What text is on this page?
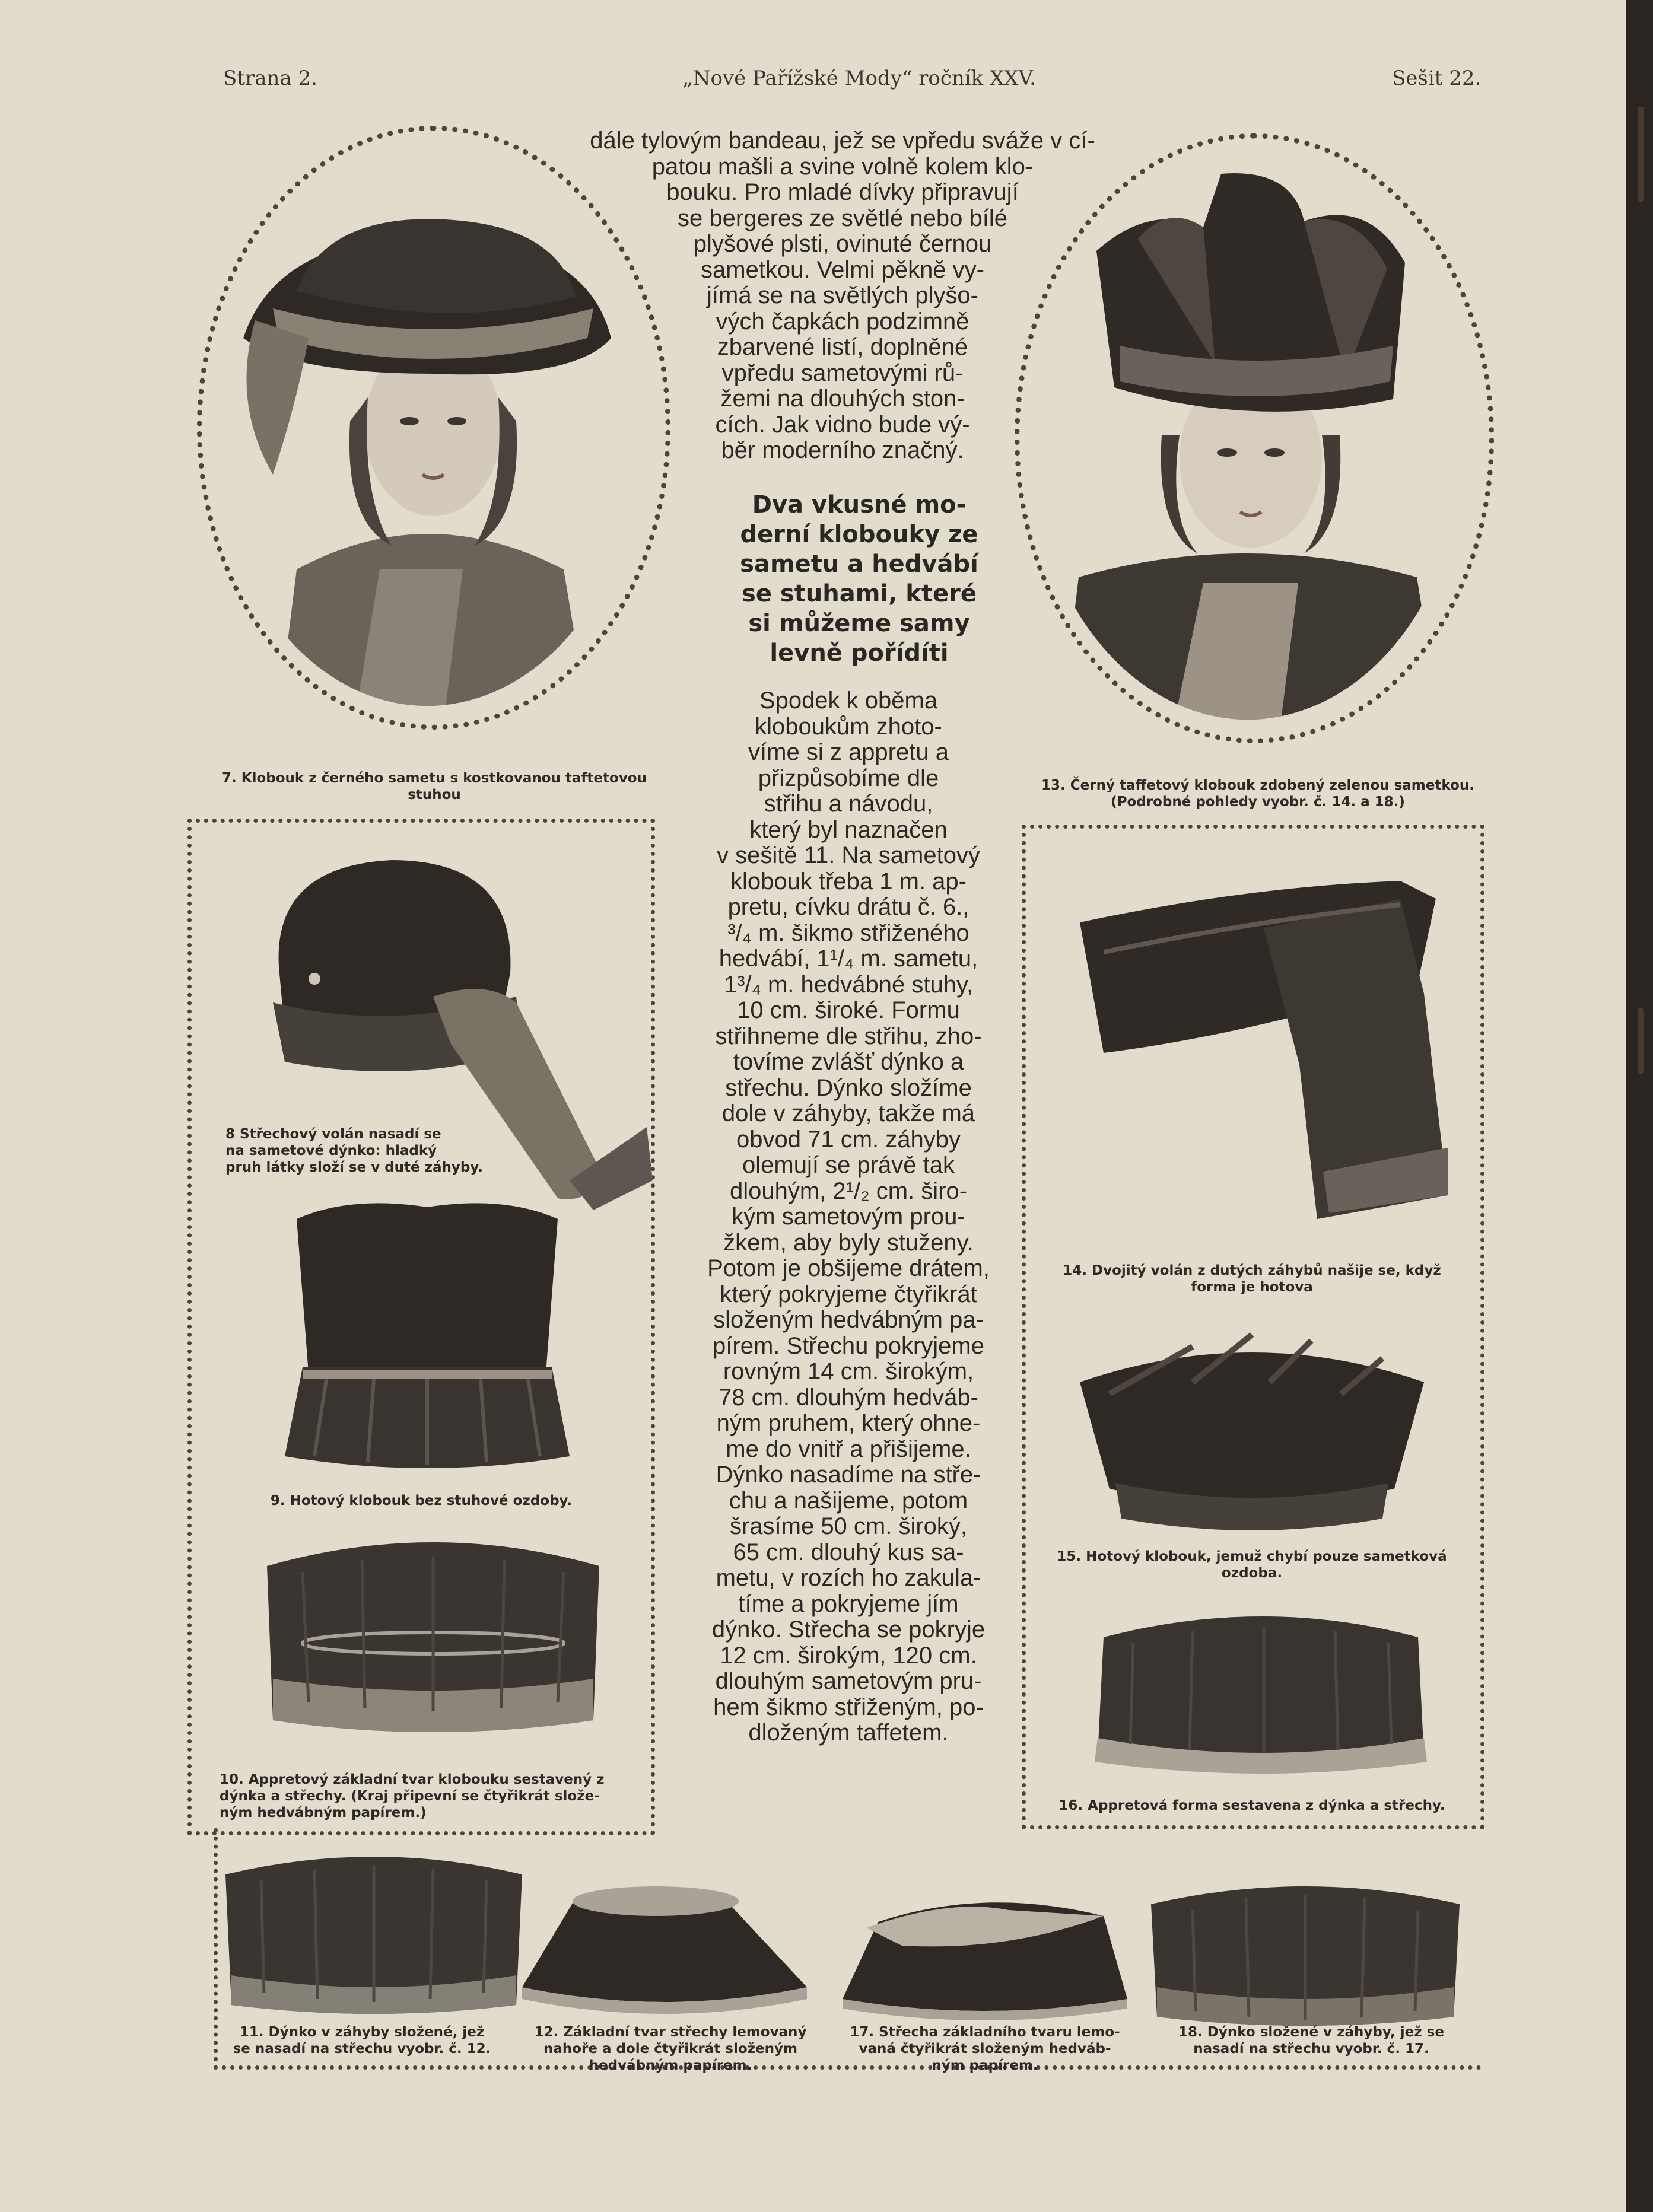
Strana 2.	„Nové Pařížské Mody“ ročník XXV.	Sešit 22.
7. Klobouk z černého sametu s kostkovanou taftetovou
stuhou
13. Černý taffetový klobouk zdobený zelenou sametkou.
(Podrobné pohledy vyobr. č. 14. a 18.)
dále tylovým bandeau, jež se vpředu sváže v cí-
patou mašli a svine volně kolem klo-
bouku. Pro mladé dívky připravují
se bergeres ze světlé nebo bílé
plyšové plsti, ovinuté černou
sametkou. Velmi pěkně vy-
jímá se na světlých plyšo-
vých čapkách podzimně
zbarvené listí, doplněné
vpředu sametovými rů-
žemi na dlouhých ston-
cích. Jak vidno bude vý-
běr moderního značný.
Dva vkusné mo-
derní klobouky ze
sametu a hedvábí
se stuhami, které
si můžeme samy
levně pořídíti
Spodek k oběma
kloboukům zhoto-
víme si z appretu a
přizpůsobíme dle
střihu a návodu,
který byl naznačen
v sešitě 11. Na sametový
klobouk třeba 1 m. ap-
pretu, cívku drátu č. 6.,
³/₄ m. šikmo střiženého
hedvábí, 1¹/₄ m. sametu,
1³/₄ m. hedvábné stuhy,
10 cm. široké. Formu
střihneme dle střihu, zho-
tovíme zvlášť dýnko a
střechu. Dýnko složíme
dole v záhyby, takže má
obvod 71 cm. záhyby
olemují se právě tak
dlouhým, 2¹/₂ cm. širo-
kým sametovým prou-
žkem, aby byly stuženy.
Potom je obšijeme drátem,
který pokryjeme čtyřikrát
složeným hedvábným pa-
pírem. Střechu pokryjeme
rovným 14 cm. širokým,
78 cm. dlouhým hedváb-
ným pruhem, který ohne-
me do vnitř a přišijeme.
Dýnko nasadíme na stře-
chu a našijeme, potom
šrasíme 50 cm. široký,
65 cm. dlouhý kus sa-
metu, v rozích ho zakula-
tíme a pokryjeme jím
dýnko. Střecha se pokryje
12 cm. širokým, 120 cm.
dlouhým sametovým pru-
hem šikmo střiženým, po-
dloženým taffetem.
8 Střechový volán nasadí se
na sametové dýnko: hladký
pruh látky složí se v duté záhyby.
9. Hotový klobouk bez stuhové ozdoby.
10. Appretový základní tvar klobouku sestavený z
dýnka a střechy. (Kraj připevní se čtyřikrát slože-
ným hedvábným papírem.)
14. Dvojitý volán z dutých záhybů našije se, když
forma je hotova
15. Hotový klobouk, jemuž chybí pouze sametková
ozdoba.
16. Appretová forma sestavena z dýnka a střechy.
11. Dýnko v záhyby složené, jež
se nasadí na střechu vyobr. č. 12.
12. Základní tvar střechy lemovaný
nahoře a dole čtyřikrát složeným
hedvábným papírem.
17. Střecha základního tvaru lemo-
vaná čtyřikrát složeným hedváb-
ným papírem.
18. Dýnko složené v záhyby, jež se
nasadí na střechu vyobr. č. 17.
